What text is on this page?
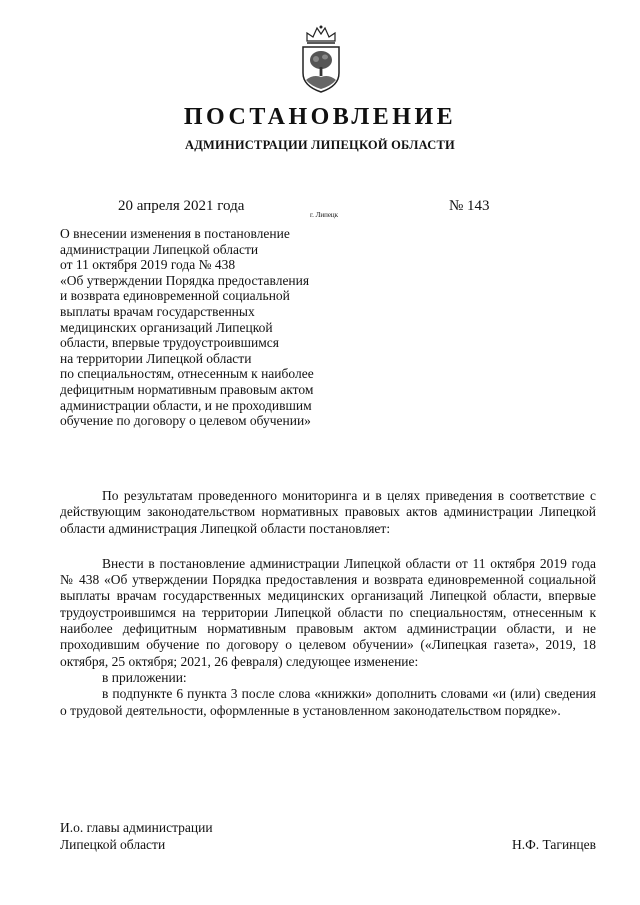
ПОСТАНОВЛЕНИЕ
АДМИНИСТРАЦИИ ЛИПЕЦКОЙ ОБЛАСТИ
20 апреля 2021 года
г. Липецк
№ 143
О внесении изменения в постановление
администрации Липецкой области
от 11 октября 2019 года № 438
«Об утверждении Порядка предоставления
и возврата единовременной социальной
выплаты врачам государственных
медицинских организаций Липецкой
области, впервые трудоустроившимся
на территории Липецкой области
по специальностям, отнесенным к наиболее
дефицитным нормативным правовым актом
администрации области, и не проходившим
обучение по договору о целевом обучении»

По результатам проведенного мониторинга и в целях приведения в соответствие с действующим законодательством нормативных правовых актов администрации Липецкой области администрация Липецкой области постановляет:

Внести в постановление администрации Липецкой области от 11 октября 2019 года № 438 «Об утверждении Порядка предоставления и возврата единовременной социальной выплаты врачам государственных медицинских организаций Липецкой области, впервые трудоустроившимся на территории Липецкой области по специальностям, отнесенным к наиболее дефицитным нормативным правовым актом администрации области, и не проходившим обучение по договору о целевом обучении» («Липецкая газета», 2019, 18 октября, 25 октября; 2021, 26 февраля) следующее изменение:

в приложении:

в подпункте 6 пункта 3 после слова «книжки» дополнить словами «и (или) сведения о трудовой деятельности, оформленные в установленном законодательством порядке».

И.о. главы администрации
Липецкой области	Н.Ф. Тагинцев
